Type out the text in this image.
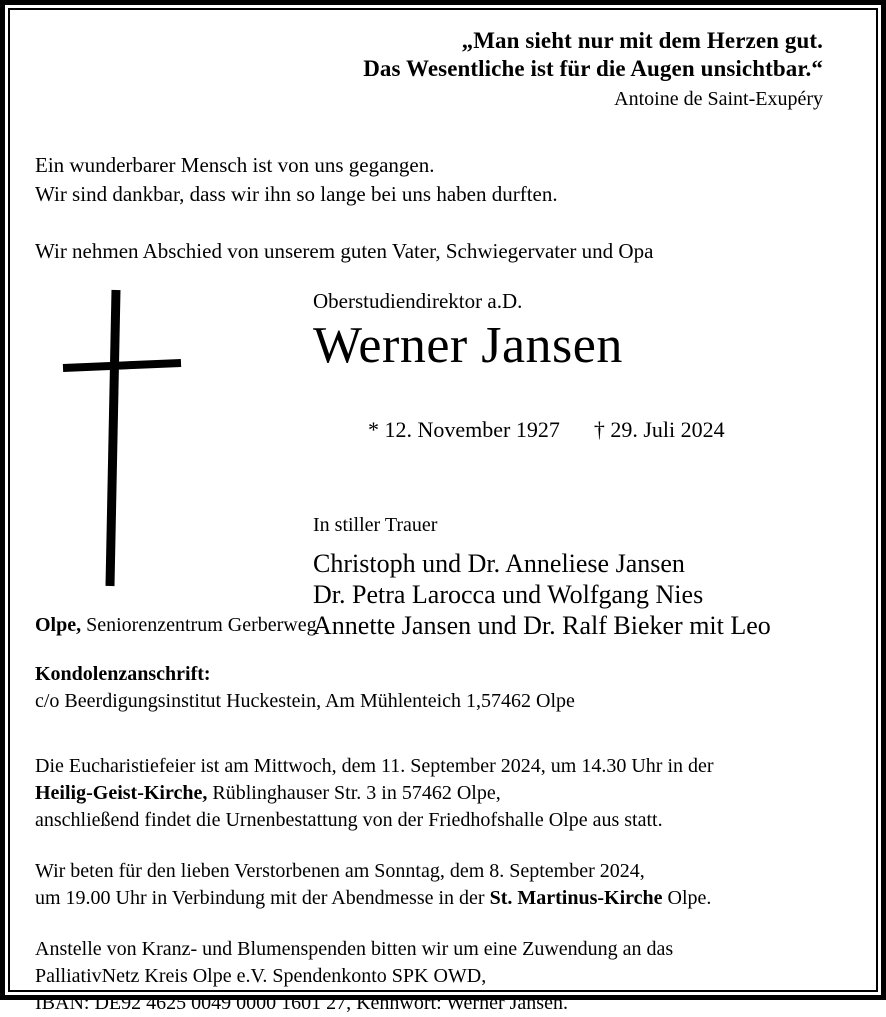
„Man sieht nur mit dem Herzen gut.
Das Wesentliche ist für die Augen unsichtbar.“
Antoine de Saint-Exupéry
Ein wunderbarer Mensch ist von uns gegangen.
Wir sind dankbar, dass wir ihn so lange bei uns haben durften.
Wir nehmen Abschied von unserem guten Vater, Schwiegervater und Opa
Oberstudiendirektor a.D.
Werner Jansen

* 12. November 1927 † 29. Juli 2024

In stiller Trauer
Christoph und Dr. Anneliese Jansen
Dr. Petra Larocca und Wolfgang Nies
Annette Jansen und Dr. Ralf Bieker mit Leo
Olpe, Seniorenzentrum Gerberweg
Kondolenzanschrift:
c/o Beerdigungsinstitut Huckestein, Am Mühlenteich 1,57462 Olpe
Die Eucharistiefeier ist am Mittwoch, dem 11. September 2024, um 14.30 Uhr in der
Heilig-Geist-Kirche, Rüblinghauser Str. 3 in 57462 Olpe,
anschließend findet die Urnenbestattung von der Friedhofshalle Olpe aus statt.
Wir beten für den lieben Verstorbenen am Sonntag, dem 8. September 2024,
um 19.00 Uhr in Verbindung mit der Abendmesse in der St. Martinus-Kirche Olpe.
Anstelle von Kranz- und Blumenspenden bitten wir um eine Zuwendung an das
PalliativNetz Kreis Olpe e.V. Spendenkonto SPK OWD,
IBAN: DE92 4625 0049 0000 1601 27, Kennwort: Werner Jansen.
